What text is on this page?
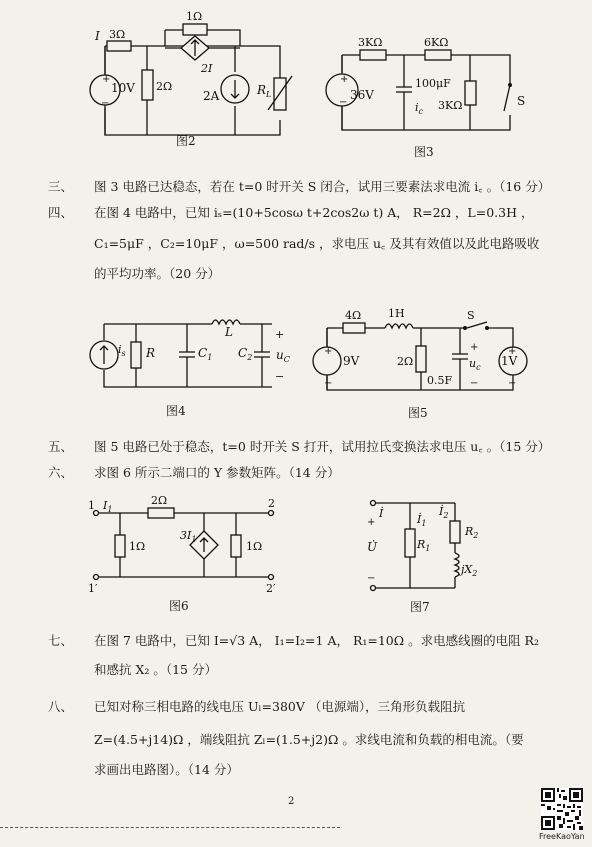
+
−
I 3Ω
1Ω
10V 2Ω
2I
2A	$R_L$
图2
+
−
3KΩ	6KΩ
36V
100μF
$i_c$ 3KΩ	S
图3
三、 图 3 电路已达稳态，若在 t=0 时开关 S 闭合，试用三要素法求电流 i꜀ 。（16 分）
四、 在图 4 电路中，已知 iₛ=(10+5cosω t+2cos2ω t) A， R=2Ω ，L=0.3H ，
C₁=5μF ，C₂=10μF ，ω=500 rad/s ，求电压 u꜀ 及其有效值以及此电路吸收
的平均功率。（20 分）
$i_s$ R	$C_1$
L
$C_2$
+
$u_C$
−
图4
+
−
+
−
4Ω 1H	S
9V	2Ω
0.5F
+
$u_c$
−
1V
图5
五、 图 5 电路已处于稳态，t=0 时开关 S 打开，试用拉氏变换法求电压 u꜀ 。（15 分）
六、 求图 6 所示二端口的 Y 参数矩阵。（14 分）
1 $I_1$
2Ω	2
1Ω
$3I_1$
1Ω
1′	2′
图6
İ	$İ_1$
$İ_2$
+
U̇
−
$R_1$
$R_2$
$jX_2$
图7
七、 在图 7 电路中，已知 I=√3 A， I₁=I₂=1 A， R₁=10Ω 。求电感线圈的电阻 R₂
和感抗 X₂ 。（15 分）
八、 已知对称三相电路的线电压 Uₗ=380V （电源端），三角形负载阻抗
Z=(4.5+j14)Ω ，端线阻抗 Zₗ=(1.5+j2)Ω 。求线电流和负载的相电流。（要
求画出电路图）。（14 分）
2
FreeKaoYan
